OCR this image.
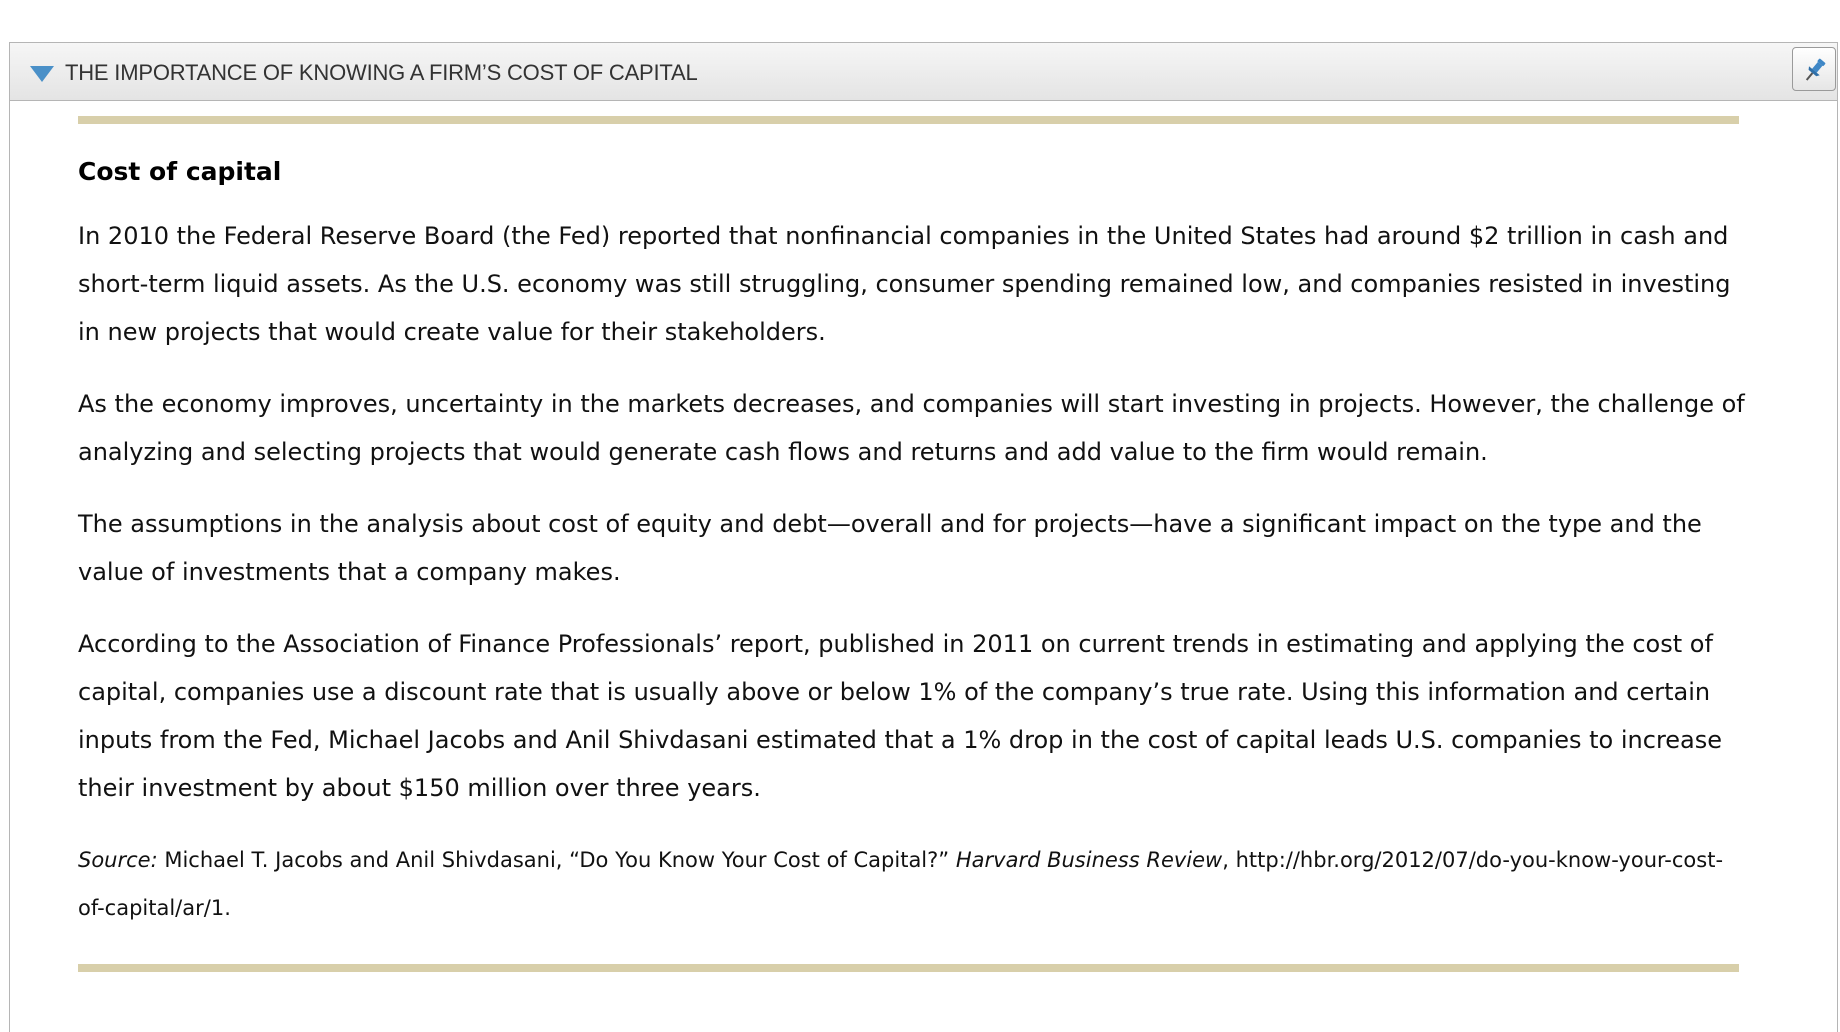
THE IMPORTANCE OF KNOWING A FIRM’S COST OF CAPITAL
Cost of capital

In 2010 the Federal Reserve Board (the Fed) reported that nonfinancial companies in the United States had around $2 trillion in cash and short-term liquid assets. As the U.S. economy was still struggling, consumer spending remained low, and companies resisted in investing in new projects that would create value for their stakeholders.

As the economy improves, uncertainty in the markets decreases, and companies will start investing in projects. However, the challenge of analyzing and selecting projects that would generate cash flows and returns and add value to the firm would remain.

The assumptions in the analysis about cost of equity and debt—overall and for projects—have a significant impact on the type and the value of investments that a company makes.

According to the Association of Finance Professionals’ report, published in 2011 on current trends in estimating and applying the cost of capital, companies use a discount rate that is usually above or below 1% of the company’s true rate. Using this information and certain inputs from the Fed, Michael Jacobs and Anil Shivdasani estimated that a 1% drop in the cost of capital leads U.S. companies to increase their investment by about $150 million over three years.

Source: Michael T. Jacobs and Anil Shivdasani, “Do You Know Your Cost of Capital?” Harvard Business Review, http://hbr.org/2012/07/do-you-know-your-cost-of-capital/ar/1.
